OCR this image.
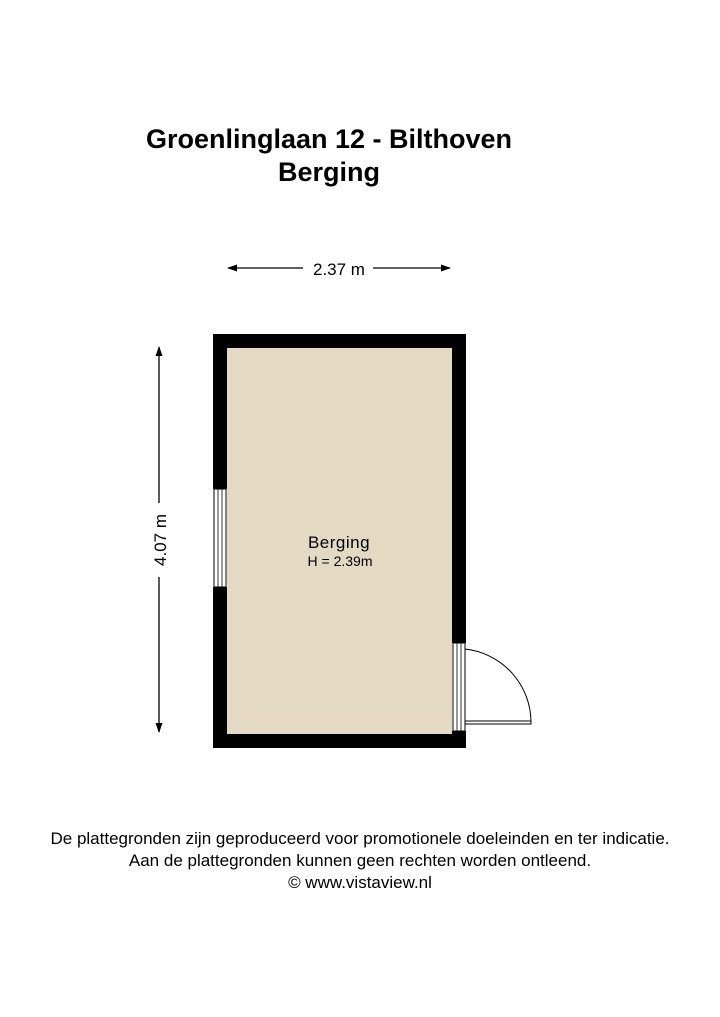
Groenlinglaan 12 - Bilthoven
Berging
2.37 m
4.07 m	Berging
H = 2.39m
De plattegronden zijn geproduceerd voor promotionele doeleinden en ter indicatie.
Aan de plattegronden kunnen geen rechten worden ontleend.
© www.vistaview.nl
